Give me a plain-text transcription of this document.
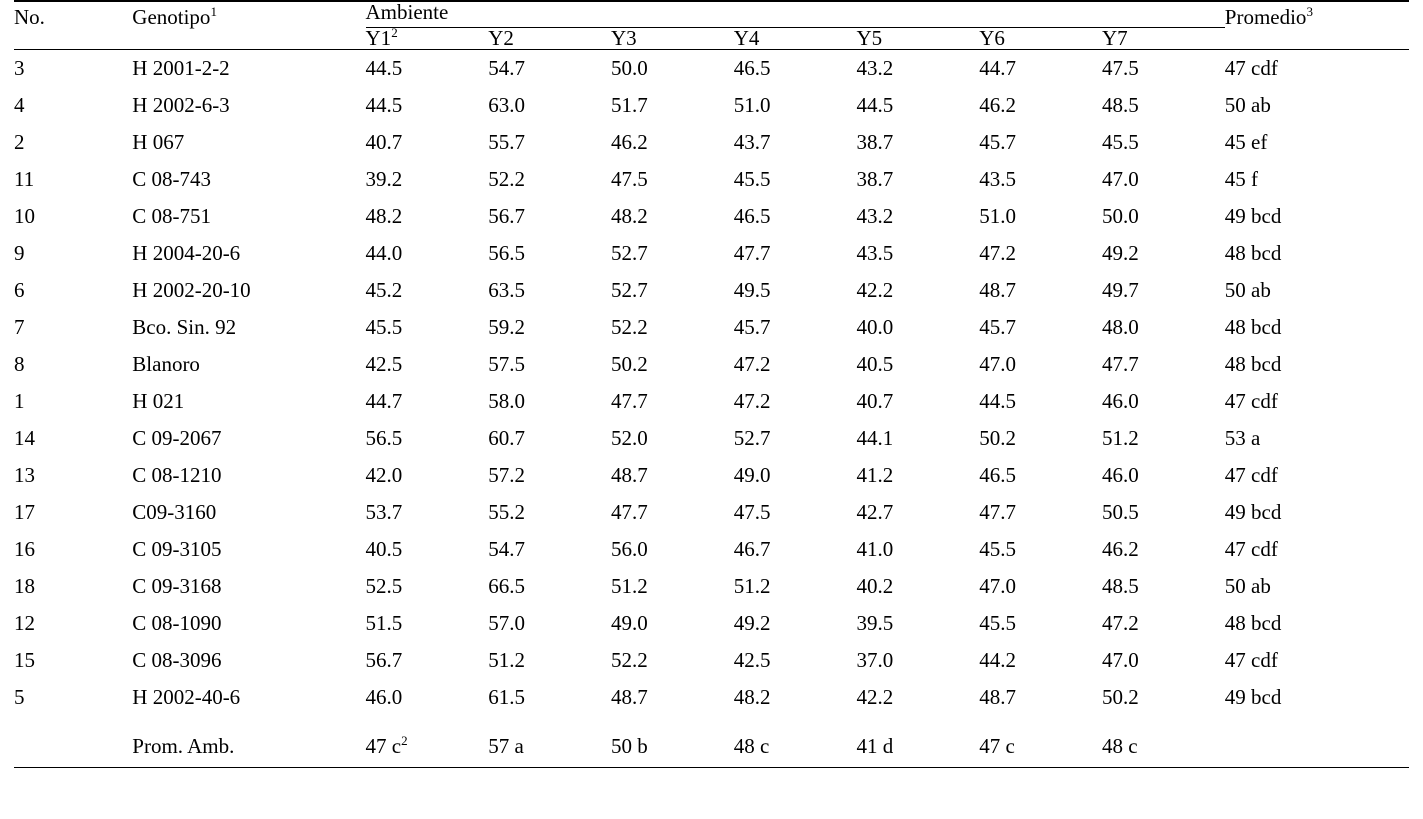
No.	Genotipo$^1$	Ambiente							Promedio$^3$
		$Y1^2$	Y2	Y3	Y4	Y5	Y6	Y7	

3	H 2001-2-2	44.5	54.7	50.0	46.5	43.2	44.7	47.5	47 cdf
4	H 2002-6-3	44.5	63.0	51.7	51.0	44.5	46.2	48.5	50 ab
2	H 067	40.7	55.7	46.2	43.7	38.7	45.7	45.5	45 ef
11	C 08-743	39.2	52.2	47.5	45.5	38.7	43.5	47.0	45 f
10	C 08-751	48.2	56.7	48.2	46.5	43.2	51.0	50.0	49 bcd
9	H 2004-20-6	44.0	56.5	52.7	47.7	43.5	47.2	49.2	48 bcd
6	H 2002-20-10	45.2	63.5	52.7	49.5	42.2	48.7	49.7	50 ab
7	Bco. Sin. 92	45.5	59.2	52.2	45.7	40.0	45.7	48.0	48 bcd
8	Blanoro	42.5	57.5	50.2	47.2	40.5	47.0	47.7	48 bcd
1	H 021	44.7	58.0	47.7	47.2	40.7	44.5	46.0	47 cdf
14	C 09-2067	56.5	60.7	52.0	52.7	44.1	50.2	51.2	53 a
13	C 08-1210	42.0	57.2	48.7	49.0	41.2	46.5	46.0	47 cdf
17	C09-3160	53.7	55.2	47.7	47.5	42.7	47.7	50.5	49 bcd
16	C 09-3105	40.5	54.7	56.0	46.7	41.0	45.5	46.2	47 cdf
18	C 09-3168	52.5	66.5	51.2	51.2	40.2	47.0	48.5	50 ab
12	C 08-1090	51.5	57.0	49.0	49.2	39.5	45.5	47.2	48 bcd
15	C 08-3096	56.7	51.2	52.2	42.5	37.0	44.2	47.0	47 cdf
5	H 2002-40-6	46.0	61.5	48.7	48.2	42.2	48.7	50.2	49 bcd
	Prom. Amb.	47 $c^2$	57 a	50 b	48 c	41 d	47 c	48 c	
